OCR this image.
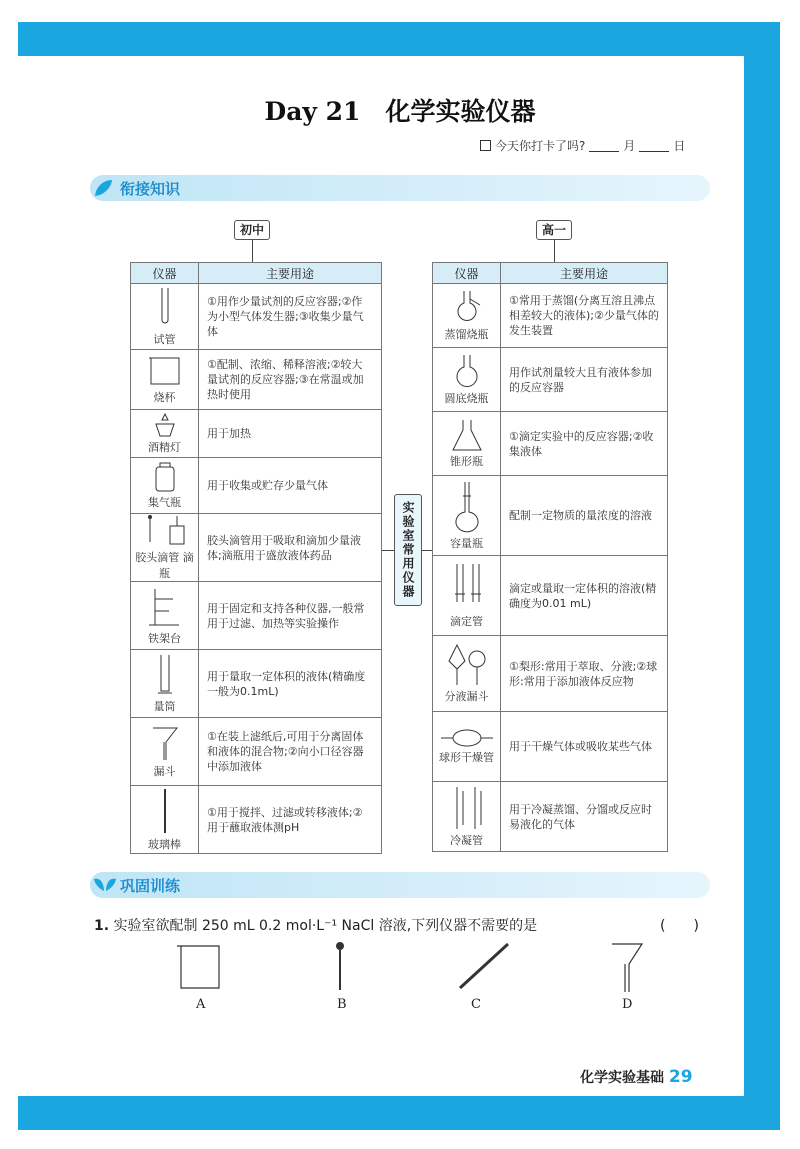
Day 21　化学实验仪器
今天你打卡了吗?	月	日
衔接知识
初中	高一
仪器	主要用途

试管	①用作少量试剂的反应容器;②作为小型气体发生器;③收集少量气体

烧杯	①配制、浓缩、稀释溶液;②较大量试剂的反应容器;③在常温或加热时使用

酒精灯	用于加热

集气瓶	用于收集或贮存少量气体

胶头滴管 滴瓶	胶头滴管用于吸取和滴加少量液体;滴瓶用于盛放液体药品

铁架台	用于固定和支持各种仪器,一般常用于过滤、加热等实验操作

量筒	用于量取一定体积的液体(精确度一般为0.1mL)

漏斗	①在装上滤纸后,可用于分离固体和液体的混合物;②向小口径容器中添加液体

玻璃棒	①用于搅拌、过滤或转移液体;②用于蘸取液体测pH
实验室常用仪器
仪器	主要用途

蒸馏烧瓶	①常用于蒸馏(分离互溶且沸点相差较大的液体);②少量气体的发生装置

圆底烧瓶	用作试剂量较大且有液体参加的反应容器

锥形瓶	①滴定实验中的反应容器;②收集液体

容量瓶	配制一定物质的量浓度的溶液

滴定管	滴定或量取一定体积的溶液(精确度为0.01 mL)

分液漏斗	①梨形:常用于萃取、分液;②球形:常用于添加液体反应物

球形干燥管	用于干燥气体或吸收某些气体

冷凝管	用于冷凝蒸馏、分馏或反应时易液化的气体
巩固训练
1. 实验室欲配制 250 mL 0.2 mol·L⁻¹ NaCl 溶液,下列仪器不需要的是	(　　)
A	B	C	D
化学实验基础 29
